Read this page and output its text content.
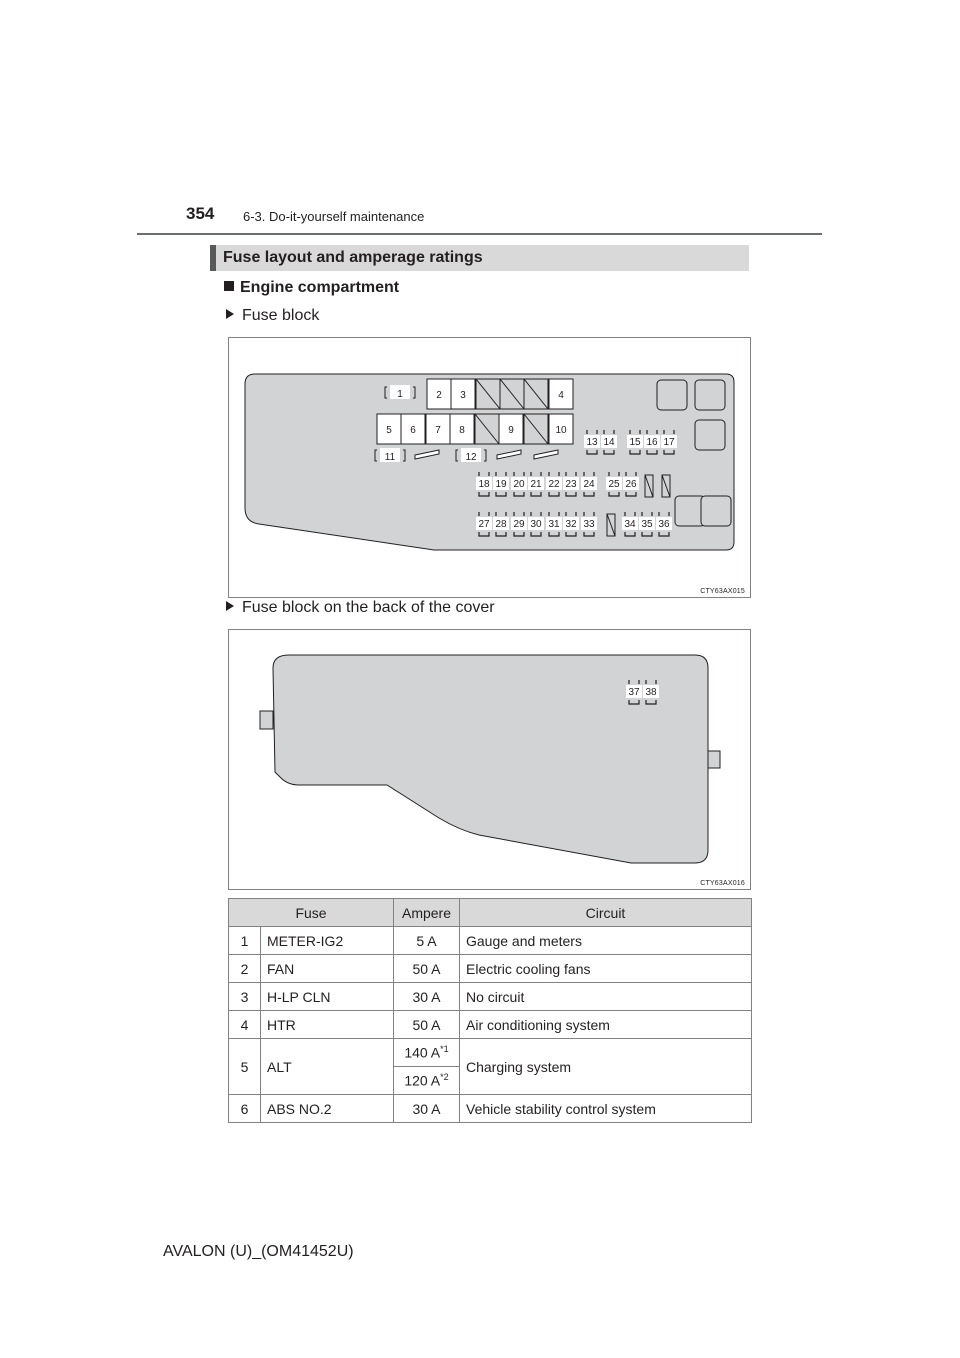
354 6-3. Do-it-yourself maintenance
Fuse layout and amperage ratings
Engine compartment
Fuse block
1	2 3	4
5 6 7 8	9	10
11	12
13 14 15 16 17
18 19 20 21 22 23 24 25 26
27 28 29 30 31 32 33	34 35 36
CTY63AX015
Fuse block on the back of the cover
37 38
CTY63AX016
Fuse		Ampere	Circuit
1	METER-IG2	5 A	Gauge and meters
2	FAN	50 A	Electric cooling fans
3	H-LP CLN	30 A	No circuit
4	HTR	50 A	Air conditioning system
5	ALT	140 $A^{*1}$	Charging system
		120 $A^{*2}$
6	ABS NO.2	30 A	Vehicle stability control system
AVALON (U)_(OM41452U)
